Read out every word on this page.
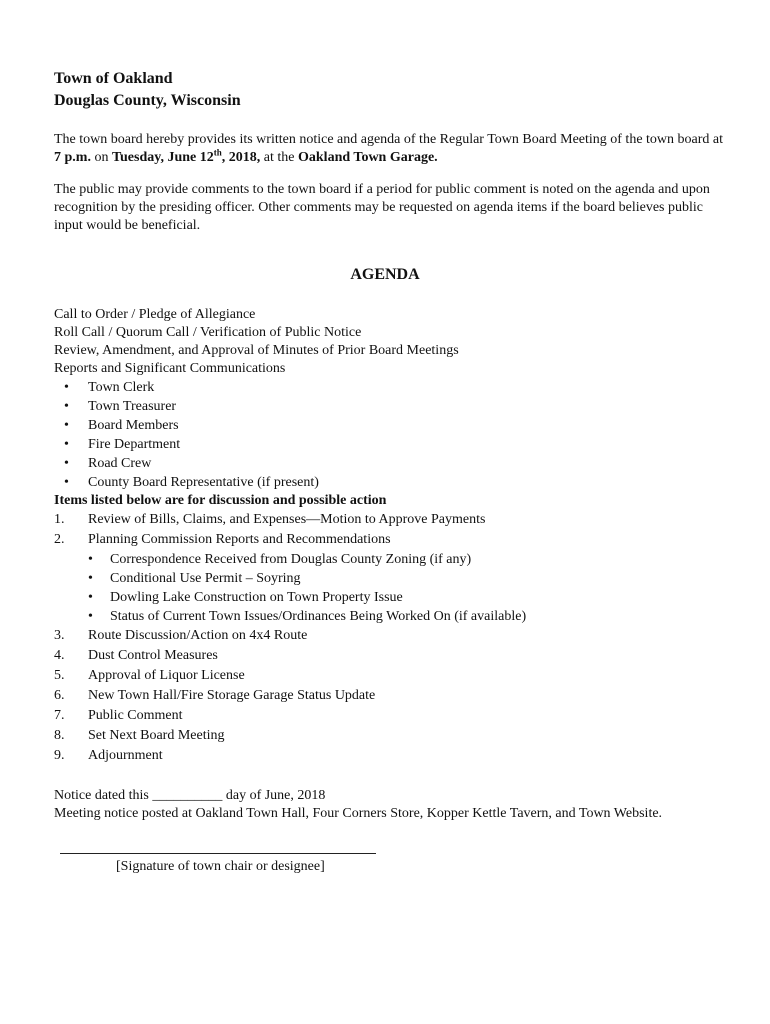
Town of Oakland
Douglas County, Wisconsin
The town board hereby provides its written notice and agenda of the Regular Town Board Meeting of the town board at 7 p.m. on Tuesday, June 12th, 2018, at the Oakland Town Garage.
The public may provide comments to the town board if a period for public comment is noted on the agenda and upon recognition by the presiding officer. Other comments may be requested on agenda items if the board believes public input would be beneficial.
AGENDA
Call to Order / Pledge of Allegiance
Roll Call / Quorum Call / Verification of Public Notice
Review, Amendment, and Approval of Minutes of Prior Board Meetings
Reports and Significant Communications
• Town Clerk
• Town Treasurer
• Board Members
• Fire Department
• Road Crew
• County Board Representative (if present)
Items listed below are for discussion and possible action
1. Review of Bills, Claims, and Expenses—Motion to Approve Payments
2. Planning Commission Reports and Recommendations
• Correspondence Received from Douglas County Zoning (if any)
• Conditional Use Permit – Soyring
• Dowling Lake Construction on Town Property Issue
• Status of Current Town Issues/Ordinances Being Worked On (if available)
3. Route Discussion/Action on 4x4 Route
4. Dust Control Measures
5. Approval of Liquor License
6. New Town Hall/Fire Storage Garage Status Update
7. Public Comment
8. Set Next Board Meeting
9. Adjournment
Notice dated this __________ day of June, 2018
Meeting notice posted at Oakland Town Hall, Four Corners Store, Kopper Kettle Tavern, and Town Website.
[Signature of town chair or designee]
